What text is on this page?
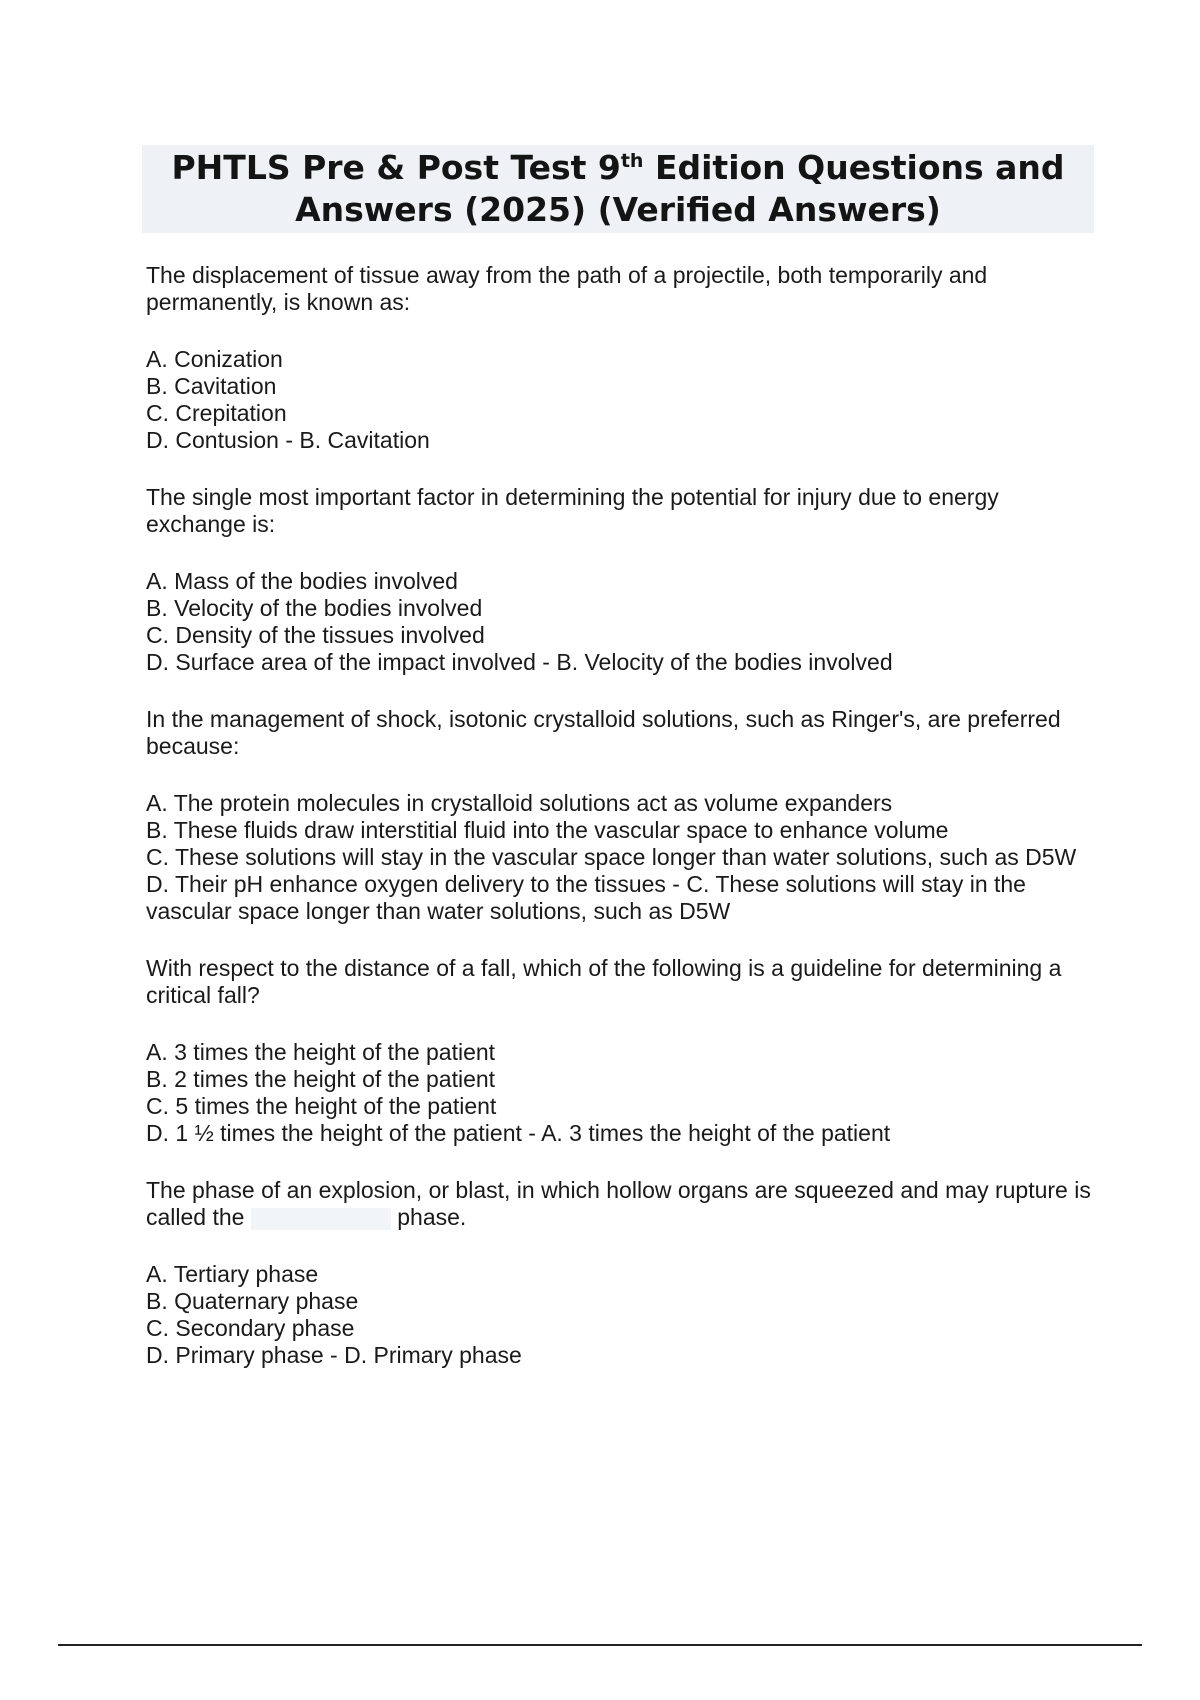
PHTLS Pre & Post Test 9th Edition Questions and
Answers (2025) (Verified Answers)
The displacement of tissue away from the path of a projectile, both temporarily and permanently, is known as:
A. Conization
B. Cavitation
C. Crepitation
D. Contusion - B. Cavitation
The single most important factor in determining the potential for injury due to energy exchange is:
A. Mass of the bodies involved
B. Velocity of the bodies involved
C. Density of the tissues involved
D. Surface area of the impact involved - B. Velocity of the bodies involved
In the management of shock, isotonic crystalloid solutions, such as Ringer's, are preferred because:
A. The protein molecules in crystalloid solutions act as volume expanders
B. These fluids draw interstitial fluid into the vascular space to enhance volume
C. These solutions will stay in the vascular space longer than water solutions, such as D5W
D. Their pH enhance oxygen delivery to the tissues - C. These solutions will stay in the vascular space longer than water solutions, such as D5W
With respect to the distance of a fall, which of the following is a guideline for determining a critical fall?
A. 3 times the height of the patient
B. 2 times the height of the patient
C. 5 times the height of the patient
D. 1 ½ times the height of the patient - A. 3 times the height of the patient
The phase of an explosion, or blast, in which hollow organs are squeezed and may rupture is called the	phase.
A. Tertiary phase
B. Quaternary phase
C. Secondary phase
D. Primary phase - D. Primary phase
